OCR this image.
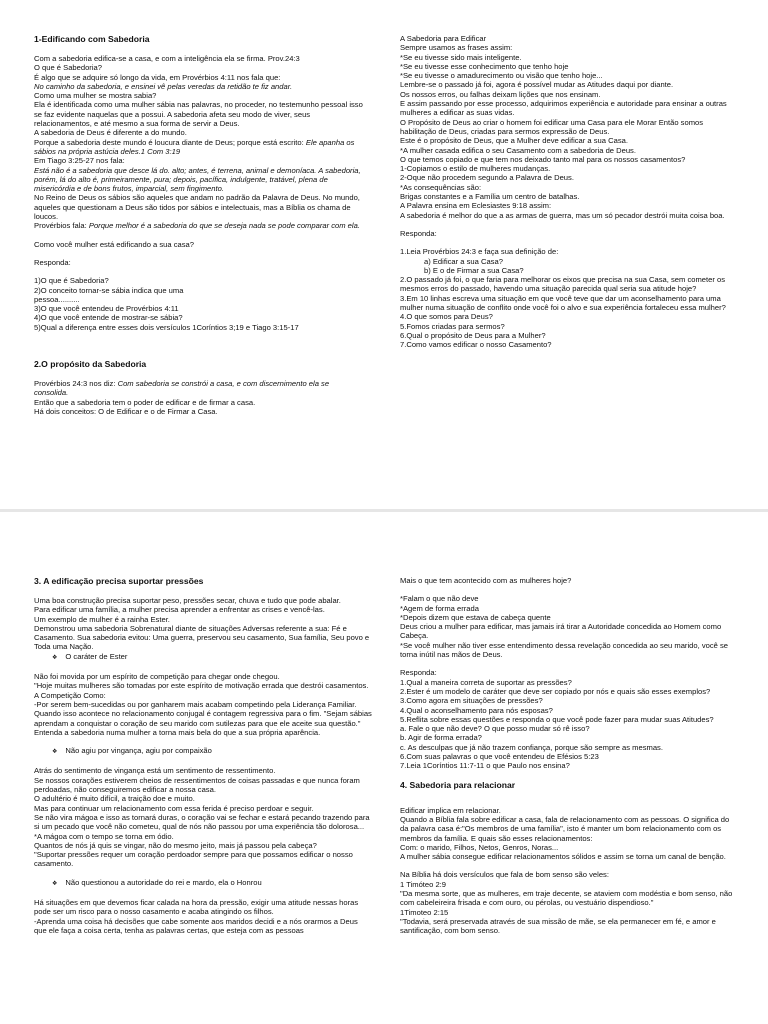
1-Edificando com Sabedoria

Com a sabedoria edifica-se a casa, e com a inteligência ela se firma. Prov.24:3

O que é Sabedoria?

É algo que se adquire só longo da vida, em Provérbios 4:11 nos fala que:

No caminho da sabedoria, e ensinei vê pelas veredas da retidão te fiz andar.

Como uma mulher se mostra sabia?

Ela é identificada como uma mulher sábia nas palavras, no proceder, no testemunho pessoal isso se faz evidente naquelas que a possui. A sabedoria afeta seu modo de viver, seus relacionamentos, e até mesmo a sua forma de servir a Deus.

A sabedoria de Deus é diferente a do mundo.

Porque a sabedoria deste mundo é loucura diante de Deus; porque está escrito: Ele apanha os sábios na própria astúcia deles.1 Com 3:19

Em Tiago 3:25-27 nos fala:

Está não é a sabedoria que desce lá do. alto; antes, é terrena, animal e demoníaca. A sabedoria, porém, lá do alto é, primeiramente, pura; depois, pacífica, indulgente, tratável, plena de misericórdia e de bons frutos, imparcial, sem fingimento.

No Reino de Deus os sábios são aqueles que andam no padrão da Palavra de Deus. No mundo, aqueles que questionam a Deus são tidos por sábios e intelectuais, mas a Bíblia os chama de loucos.

Provérbios fala: Porque melhor é a sabedoria do que se deseja nada se pode comparar com ela.

Como você mulher está edificando a sua casa?

Responda:

1)O que é Sabedoria?

2)O conceito tornar-se sábia indica que uma

pessoa..........

3)O que você entendeu de Provérbios 4:11

4)O que você entende de mostrar-se sábia?

5)Qual a diferença entre esses dois versículos 1Coríntios 3;19 e Tiago 3:15-17

2.O propósito da Sabedoria

Provérbios 24:3 nos diz: Com sabedoria se constrói a casa, e com discernimento ela se consolida.

Então que a sabedoria tem o poder de edificar e de firmar a casa.

Há dois conceitos: O de Edificar e o de Firmar a Casa.

A Sabedoria para Edificar

Sempre usamos as frases assim:

*Se eu tivesse sido mais inteligente.

*Se eu tivesse esse conhecimento que tenho hoje

*Se eu tivesse o amadurecimento ou visão que tenho hoje...

Lembre-se o passado já foi, agora é possível mudar as Atitudes daqui por diante.

Os nossos erros, ou falhas deixam lições que nos ensinam.

E assim passando por esse processo, adquirimos experiência e autoridade para ensinar a outras mulheres a edificar as suas vidas.

O Propósito de Deus ao criar o homem foi edificar uma Casa para ele Morar Então somos habilitação de Deus, criadas para sermos expressão de Deus.

Este é o propósito de Deus, que a Mulher deve edificar a sua Casa.

*A mulher casada edifica o seu Casamento com a sabedoria de Deus.

O que temos copiado e que tem nos deixado tanto mal para os nossos casamentos?

1-Copiamos o estilo de mulheres mudanças.

2-Oque não procedem segundo a Palavra de Deus.

*As consequências são:

Brigas constantes e a Família um centro de batalhas.

A Palavra ensina em Eclesiastes 9:18 assim:

A sabedoria é melhor do que a as armas de guerra, mas um só pecador destrói muita coisa boa.

Responda:

1.Leia Provérbios 24:3 e faça sua definição de:

a) Edificar a sua Casa?

b) E o de Firmar a sua Casa?

2.O passado já foi, o que faria para melhorar os eixos que precisa na sua Casa, sem cometer os mesmos erros do passado, havendo uma situação parecida qual seria sua atitude hoje?

3.Em 10 linhas escreva uma situação em que você teve que dar um aconselhamento para uma mulher numa situação de conflito onde você foi o alvo e sua experiência fortaleceu essa mulher?

4.O que somos para Deus?

5.Fomos criadas para sermos?

6.Qual o propósito de Deus para a Mulher?

7.Como vamos edificar o nosso Casamento?

3. A edificação precisa suportar pressões

Uma boa construção precisa suportar peso, pressões secar, chuva e tudo que pode abalar.

Para edificar uma família, a mulher precisa aprender a enfrentar as crises e vencê-las.

Um exemplo de mulher é a rainha Ester.

Demonstrou uma sabedoria Sobrenatural diante de situações Adversas referente a sua: Fé e Casamento. Sua sabedoria evitou: Uma guerra, preservou seu casamento, Sua família, Seu povo e Toda uma Nação.

❖ O caráter de Ester

Não foi movida por um espírito de competição para chegar onde chegou.

"Hoje muitas mulheres são tomadas por este espírito de motivação errada que destrói casamentos. A Competição Como:

-Por serem bem-sucedidas ou por ganharem mais acabam competindo pela Liderança Familiar. Quando isso acontece no relacionamento conjugal é contagem regressiva para o fim. "Sejam sábias aprendam a conquistar o coração de seu marido com sutilezas para que ele aceite sua questão."

Entenda a sabedoria numa mulher a torna mais bela do que a sua própria aparência.

❖ Não agiu por vingança, agiu por compaixão

Atrás do sentimento de vingança está um sentimento de ressentimento.

Se nossos corações estiverem cheios de ressentimentos de coisas passadas e que nunca foram perdoadas, não conseguiremos edificar a nossa casa.

O adultério é muito difícil, a traição doe e muito.

Mas para continuar um relacionamento com essa ferida é preciso perdoar e seguir.

Se não vira mágoa e isso as tornará duras, o coração vai se fechar e estará pecando trazendo para si um pecado que você não cometeu, qual de nós não passou por uma experiência tão dolorosa...

*A mágoa com o tempo se torna em ódio.

Quantos de nós já quis se vingar, não do mesmo jeito, mais já passou pela cabeça?

"Suportar pressões requer um coração perdoador sempre para que possamos edificar o nosso casamento.

❖ Não questionou a autoridade do rei e mardo, ela o Honrou

Há situações em que devemos ficar calada na hora da pressão, exigir uma atitude nessas horas pode ser um risco para o nosso casamento e acaba atingindo os filhos.

-Aprenda uma coisa há decisões que cabe somente aos maridos decidi e a nós orarmos a Deus que ele faça a coisa certa, tenha as palavras certas, que esteja com as pessoas

Mais o que tem acontecido com as mulheres hoje?

*Falam o que não deve

*Agem de forma errada

*Depois dizem que estava de cabeça quente

Deus criou a mulher para edificar, mas jamais irá tirar a Autoridade concedida ao Homem como Cabeça.

*Se você mulher não tiver esse entendimento dessa revelação concedida ao seu marido, você se torna inútil nas mãos de Deus.

Responda:

1.Qual a maneira correta de suportar as pressões?

2.Ester é um modelo de caráter que deve ser copiado por nós e quais são esses exemplos?

3.Como agora em situações de pressões?

4.Qual o aconselhamento para nós esposas?

5.Reflita sobre essas questões e responda o que você pode fazer para mudar suas Atitudes?

a. Fale o que não deve? O que posso mudar só rê isso?

b. Agir de forma errada?

c. As desculpas que já não trazem confiança, porque são sempre as mesmas.

6.Com suas palavras o que você entendeu de Efésios 5:23

7.Leia 1Coríntios 11:7-11 o que Paulo nos ensina?

4. Sabedoria para relacionar

Edificar implica em relacionar.

Quando a Bíblia fala sobre edificar a casa, fala de relacionamento com as pessoas. O significa do da palavra casa é:"Os membros de uma família", isto é manter um bom relacionamento com os membros da família. E quais são esses relacionamentos:

Com: o marido, Filhos, Netos, Genros, Noras...

A mulher sábia consegue edificar relacionamentos sólidos e assim se torna um canal de benção.

Na Bíblia há dois versículos que fala de bom senso são veles:

1 Timóteo 2:9

"Da mesma sorte, que as mulheres, em traje decente, se ataviem com modéstia e bom senso, não com cabeleireira frisada e com ouro, ou pérolas, ou vestuário dispendioso."

1Timoteo 2:15

"Todavia, será preservada através de sua missão de mãe, se ela permanecer em fé, e amor e santificação, com bom senso.
